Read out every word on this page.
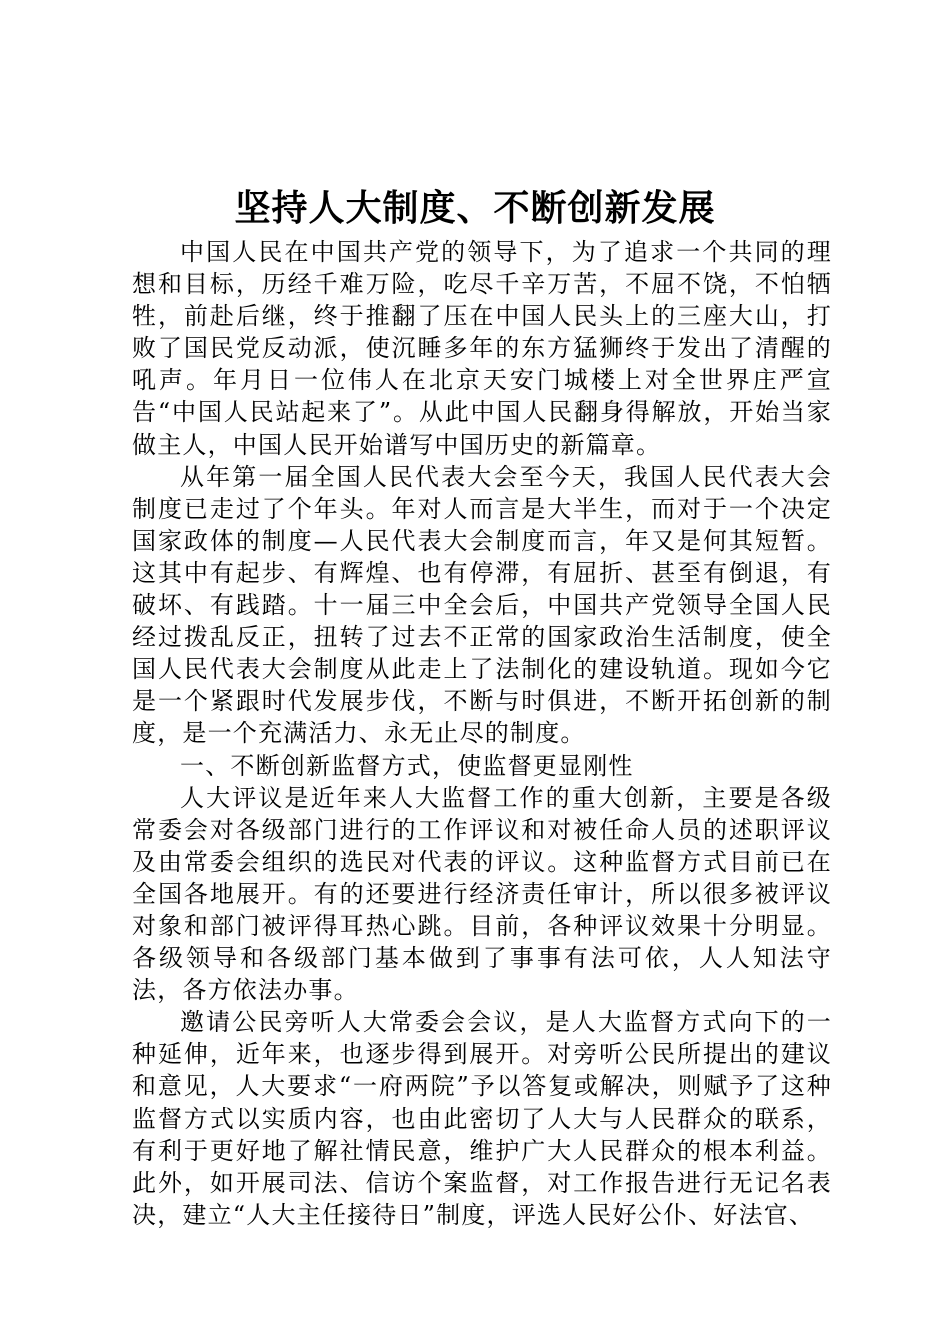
坚持人大制度、不断创新发展

中国人民在中国共产党的领导下，为了追求一个共同的理想和目标，历经千难万险，吃尽千辛万苦，不屈不饶，不怕牺牲，前赴后继，终于推翻了压在中国人民头上的三座大山，打败了国民党反动派，使沉睡多年的东方猛狮终于发出了清醒的吼声。年月日一位伟人在北京天安门城楼上对全世界庄严宣告“中国人民站起来了”。从此中国人民翻身得解放，开始当家做主人，中国人民开始谱写中国历史的新篇章。

从年第一届全国人民代表大会至今天，我国人民代表大会制度已走过了个年头。年对人而言是大半生，而对于一个决定国家政体的制度—人民代表大会制度而言，年又是何其短暂。这其中有起步、有辉煌、也有停滞，有屈折、甚至有倒退，有破坏、有践踏。十一届三中全会后，中国共产党领导全国人民经过拨乱反正，扭转了过去不正常的国家政治生活制度，使全国人民代表大会制度从此走上了法制化的建设轨道。现如今它是一个紧跟时代发展步伐，不断与时俱进，不断开拓创新的制度，是一个充满活力、永无止尽的制度。

一、不断创新监督方式，使监督更显刚性

人大评议是近年来人大监督工作的重大创新，主要是各级常委会对各级部门进行的工作评议和对被任命人员的述职评议及由常委会组织的选民对代表的评议。这种监督方式目前已在全国各地展开。有的还要进行经济责任审计，所以很多被评议对象和部门被评得耳热心跳。目前，各种评议效果十分明显。各级领导和各级部门基本做到了事事有法可依，人人知法守法，各方依法办事。

邀请公民旁听人大常委会会议，是人大监督方式向下的一种延伸，近年来，也逐步得到展开。对旁听公民所提出的建议和意见，人大要求“一府两院”予以答复或解决，则赋予了这种监督方式以实质内容，也由此密切了人大与人民群众的联系，有利于更好地了解社情民意，维护广大人民群众的根本利益。此外，如开展司法、信访个案监督，对工作报告进行无记名表决，建立“人大主任接待日”制度，评选人民好公仆、好法官、
